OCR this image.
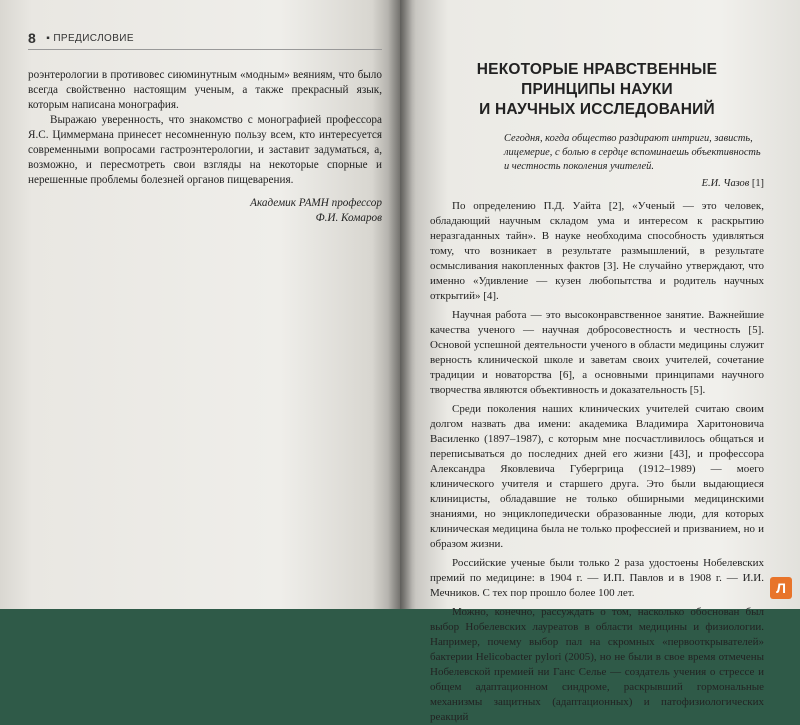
8
▪	ПРЕДИСЛОВИЕ

роэнтерологии в противовес сиюминутным «модным» веяниям, что было всегда свойственно настоящим ученым, а также прекрасный язык, которым написана монография.

Выражаю уверенность, что знакомство с монографией профессора Я.С. Циммермана принесет несомненную пользу всем, кто интересуется современными вопросами гастроэнтерологии, и заставит задуматься, а, возможно, и пересмотреть свои взгляды на некоторые спорные и нерешенные проблемы болезней органов пищеварения.

Академик РАМН профессор

Ф.И. Комаров

НЕКОТОРЫЕ НРАВСТВЕННЫЕ ПРИНЦИПЫ НАУКИ
И НАУЧНЫХ ИССЛЕДОВАНИЙ
Сегодня, когда общество раздирают интриги, зависть, лицемерие, с болью в сердце вспоминаешь объективность и честность поколения учителей.
Е.И. Чазов [1]

По определению П.Д. Уайта [2], «Ученый — это человек, обладающий научным складом ума и интересом к раскрытию неразгаданных тайн». В науке необходима способность удивляться тому, что возникает в результате размышлений, в результате осмысливания накопленных фактов [3]. Не случайно утверждают, что именно «Удивление — кузен любопытства и родитель научных открытий» [4].

Научная работа — это высоконравственное занятие. Важнейшие качества ученого — научная добросовестность и честность [5]. Основой успешной деятельности ученого в области медицины служит верность клинической школе и заветам своих учителей, сочетание традиции и новаторства [6], а основными принципами научного творчества являются объективность и доказательность [5].

Среди поколения наших клинических учителей считаю своим долгом назвать два имени: академика Владимира Харитоновича Василенко (1897–1987), с которым мне посчастливилось общаться и переписываться до последних дней его жизни [43], и профессора Александра Яковлевича Губергрица (1912–1989) — моего клинического учителя и старшего друга. Это были выдающиеся клиницисты, обладавшие не только обширными медицинскими знаниями, но энциклопедически образованные люди, для которых клиническая медицина была не только профессией и призванием, но и образом жизни.

Российские ученые были только 2 раза удостоены Нобелевских премий по медицине: в 1904 г. — И.П. Павлов и в 1908 г. — И.И. Мечников. С тех пор прошло более 100 лет.

Можно, конечно, рассуждать о том, насколько обоснован был выбор Нобелевских лауреатов в области медицины и физиологии. Например, почему выбор пал на скромных «первооткрывателей» бактерии Helicobacter pylori (2005), но не были в свое время отмечены Нобелевской премией ни Ганс Селье — создатель учения о стрессе и общем адаптационном синдроме, раскрывший гормональные механизмы защитных (адаптационных) и патофизиологических реакций

Л
